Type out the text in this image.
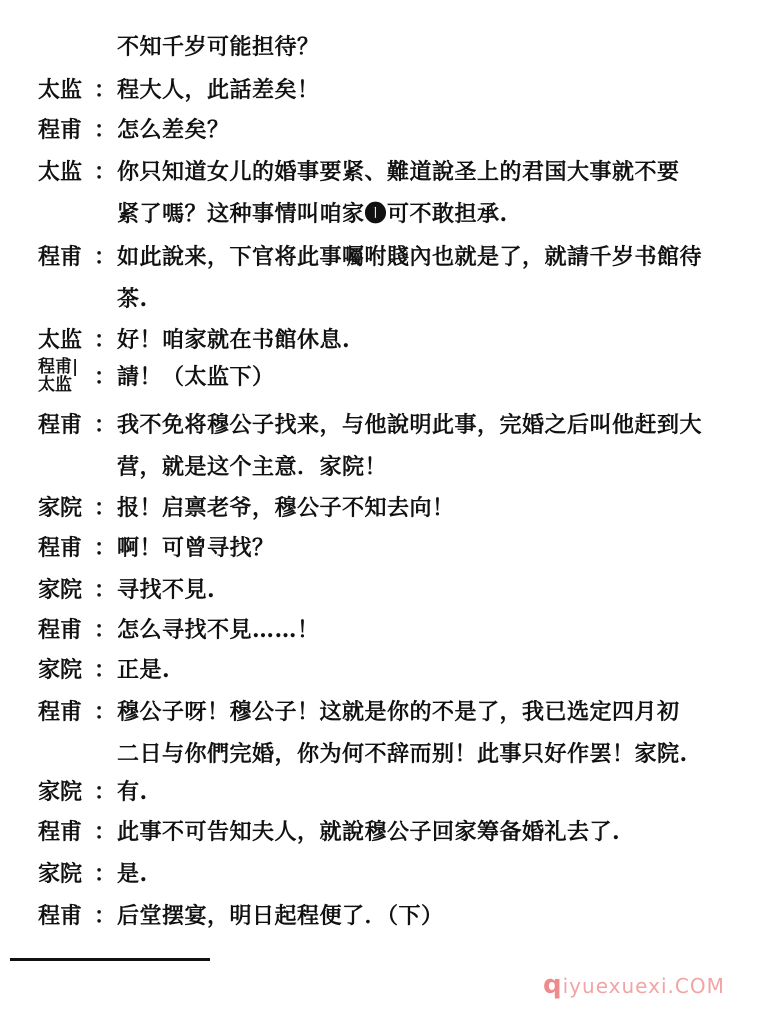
不知千岁可能担待？
太监 ： 程大人，此話差矣！
程甫 ： 怎么差矣？
太监 ： 你只知道女儿的婚事要紧、難道說圣上的君国大事就不要
紧了嗎？这种事情叫咱家❶可不敢担承.
程甫 ： 如此說来，下官将此事囑咐賤內也就是了，就請千岁书館待
茶.
太监 ： 好！咱家就在书館休息.
程甫|太监	： 請！（太监下）
程甫 ： 我不免将穆公子找来，与他說明此事，完婚之后叫他赶到大
营，就是这个主意．家院！
家院 ： 报！启禀老爷，穆公子不知去向！
程甫 ： 啊！可曾寻找？
家院 ： 寻找不見.
程甫 ： 怎么寻找不見……！
家院 ： 正是.
程甫 ： 穆公子呀！穆公子！这就是你的不是了，我已选定四月初
二日与你們完婚，你为何不辞而别！此事只好作罢！家院.
家院 ： 有.
程甫 ： 此事不可告知夫人，就說穆公子回家筹备婚礼去了.
家院 ： 是.
程甫 ： 后堂摆宴，明日起程便了．（下）
qiyuexuexi.COM
